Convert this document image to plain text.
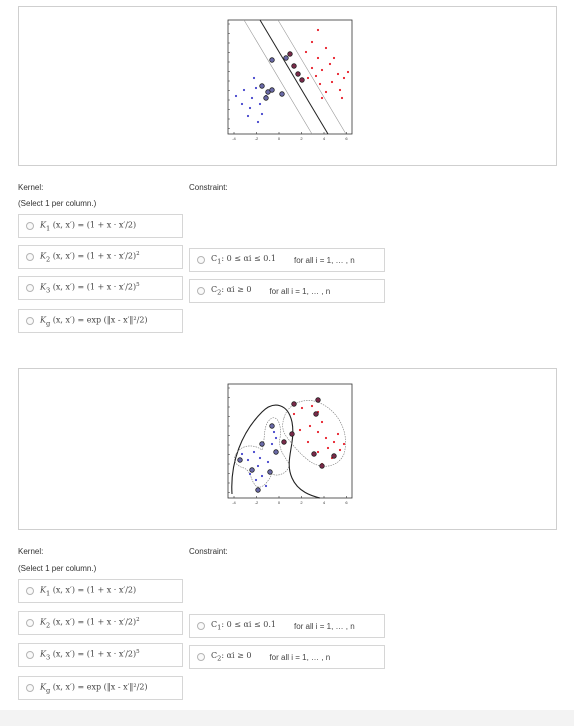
-4	-2	0	2	4	6
Kernel:
(Select 1 per column.)
Constraint:
$K_1$ (x, x′) = (1 + x · x′/2)
$K_2$ (x, $x') = (1 + x \cdot x'/2)^2$
$K_3$ (x, $x') = (1 + x \cdot x'/2)^5$
$K_g$ (x, x′) = exp (‖x - x′‖²/2)
$C_1$: 0 ≤ αi ≤ 0.1 for all i = 1, … , n
$C_2$: αi ≥ 0 for all i = 1, … , n
-4	-2	0	2	4	6
Kernel:
(Select 1 per column.)
Constraint:
$K_1$ (x, x′) = (1 + x · x′/2)
$K_2$ (x, $x') = (1 + x \cdot x'/2)^2$
$K_3$ (x, $x') = (1 + x \cdot x'/2)^5$
$K_g$ (x, x′) = exp (‖x - x′‖²/2)
$C_1$: 0 ≤ αi ≤ 0.1 for all i = 1, … , n
$C_2$: αi ≥ 0 for all i = 1, … , n
